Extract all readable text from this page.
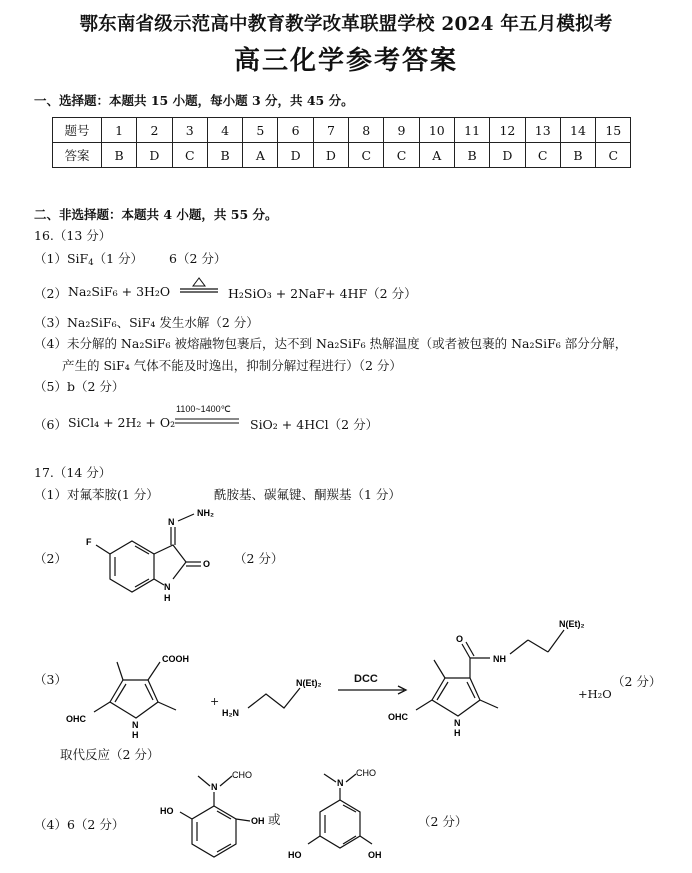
鄂东南省级示范高中教育教学改革联盟学校 2024 年五月模拟考
高三化学参考答案
一、选择题：本题共 15 小题，每小题 3 分，共 45 分。
题号	1	2	3	4	5	6	7	8	9	10	11	12	13	14	15
答案	B	D	C	B	A	D	D	C	C	A	B	D	C	B	C
二、非选择题：本题共 4 小题，共 55 分。
16.（13 分）
（1）SiF$_4$（1 分） 6（2 分）
（2） Na₂SiF₆ + 3H₂O	H₂SiO₃ + 2NaF+ 4HF（2 分）
（3）Na₂SiF₆、SiF₄ 发生水解（2 分）
（4）未分解的 Na₂SiF₆ 被熔融物包裹后，达不到 Na₂SiF₆ 热解温度（或者被包裹的 Na₂SiF₆ 部分分解，
产生的 SiF₄ 气体不能及时逸出，抑制分解过程进行）（2 分）
（5）b（2 分）
（6） SiCl₄ + 2H₂ + O₂
1100~1400℃
SiO₂ + 4HCl（2 分）
17.（14 分）
（1）对氟苯胺(1 分）	酰胺基、碳氟键、酮羰基（1 分）
（2）
NH₂
N
O
N
H
F
（2 分）
（3）
COOH
OHC
N
H
+
H₂N
N(Et)₂	DCC
O
NH
N(Et)₂
OHC
N
H
+H₂O
（2 分）
取代反应（2 分）
（4）6（2 分）
N
CHO
HO
OH 或
N
CHO
HO	OH
（2 分）
